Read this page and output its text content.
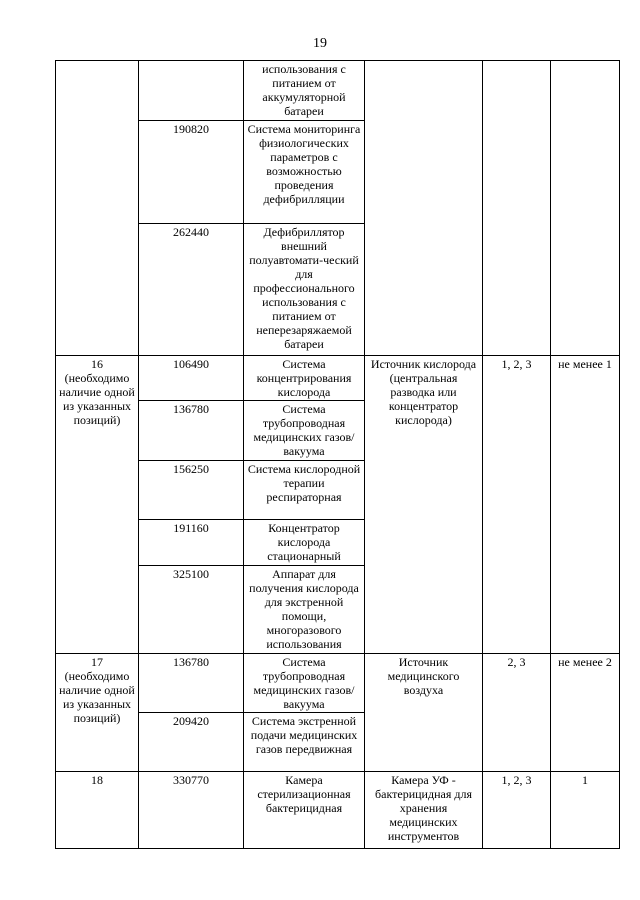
19
		использования с питанием от аккумуляторной батареи			
	190820	Система мониторинга физиологических параметров с возможностью проведения дефибрилляции			
	262440	Дефибриллятор внешний полуавтомати-ческий для профессионального использования с питанием от неперезаряжаемой батареи			
16 (необходимо наличие одной из указанных позиций)	106490	Система концентрирования кислорода	Источник кислорода (центральная разводка или концентратор кислорода)	1, 2, 3	не менее 1
	136780	Система трубопроводная медицинских газов/вакуума			
	156250	Система кислородной терапии респираторная			
	191160	Концентратор кислорода стационарный			
	325100	Аппарат для получения кислорода для экстренной помощи, многоразового использования			
17 (необходимо наличие одной из указанных позиций)	136780	Система трубопроводная медицинских газов/вакуума	Источник медицинского воздуха	2, 3	не менее 2
	209420	Система экстренной подачи медицинских газов передвижная			
18	330770	Камера стерилизационная бактерицидная	Камера УФ - бактерицидная для хранения медицинских инструментов	1, 2, 3	1
